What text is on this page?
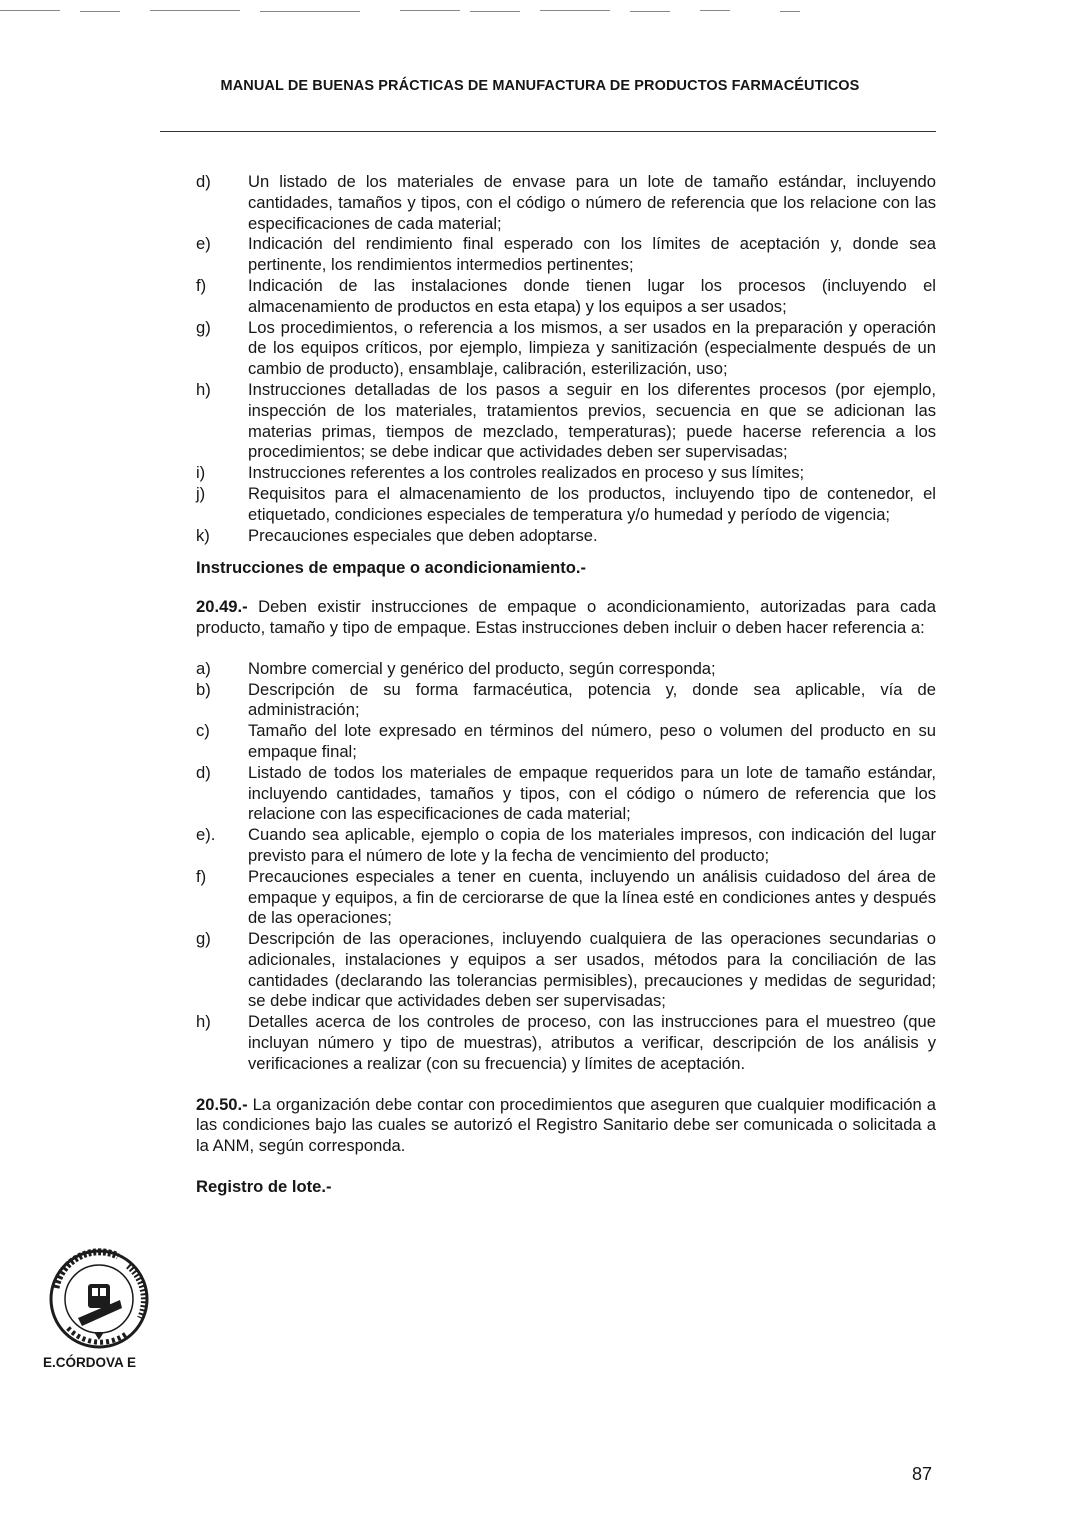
MANUAL DE BUENAS PRÁCTICAS DE MANUFACTURA DE PRODUCTOS FARMACÉUTICOS
d)	Un listado de los materiales de envase para un lote de tamaño estándar, incluyendo cantidades, tamaños y tipos, con el código o número de referencia que los relacione con las especificaciones de cada material;
e)	Indicación del rendimiento final esperado con los límites de aceptación y, donde sea pertinente, los rendimientos intermedios pertinentes;
f)	Indicación de las instalaciones donde tienen lugar los procesos (incluyendo el almacenamiento de productos en esta etapa) y los equipos a ser usados;
g)	Los procedimientos, o referencia a los mismos, a ser usados en la preparación y operación de los equipos críticos, por ejemplo, limpieza y sanitización (especialmente después de un cambio de producto), ensamblaje, calibración, esterilización, uso;
h)	Instrucciones detalladas de los pasos a seguir en los diferentes procesos (por ejemplo, inspección de los materiales, tratamientos previos, secuencia en que se adicionan las materias primas, tiempos de mezclado, temperaturas); puede hacerse referencia a los procedimientos; se debe indicar que actividades deben ser supervisadas;
i)	Instrucciones referentes a los controles realizados en proceso y sus límites;
j)	Requisitos para el almacenamiento de los productos, incluyendo tipo de contenedor, el etiquetado, condiciones especiales de temperatura y/o humedad y período de vigencia;
k)	Precauciones especiales que deben adoptarse.
Instrucciones de empaque o acondicionamiento.-

20.49.- Deben existir instrucciones de empaque o acondicionamiento, autorizadas para cada producto, tamaño y tipo de empaque. Estas instrucciones deben incluir o deben hacer referencia a:

a)	Nombre comercial y genérico del producto, según corresponda;
b)	Descripción de su forma farmacéutica, potencia y, donde sea aplicable, vía de administración;
c)	Tamaño del lote expresado en términos del número, peso o volumen del producto en su empaque final;
d)	Listado de todos los materiales de empaque requeridos para un lote de tamaño estándar, incluyendo cantidades, tamaños y tipos, con el código o número de referencia que los relacione con las especificaciones de cada material;
e).	Cuando sea aplicable, ejemplo o copia de los materiales impresos, con indicación del lugar previsto para el número de lote y la fecha de vencimiento del producto;
f)	Precauciones especiales a tener en cuenta, incluyendo un análisis cuidadoso del área de empaque y equipos, a fin de cerciorarse de que la línea esté en condiciones antes y después de las operaciones;
g)	Descripción de las operaciones, incluyendo cualquiera de las operaciones secundarias o adicionales, instalaciones y equipos a ser usados, métodos para la conciliación de las cantidades (declarando las tolerancias permisibles), precauciones y medidas de seguridad; se debe indicar que actividades deben ser supervisadas;
h)	Detalles acerca de los controles de proceso, con las instrucciones para el muestreo (que incluyan número y tipo de muestras), atributos a verificar, descripción de los análisis y verificaciones a realizar (con su frecuencia) y límites de aceptación.

20.50.- La organización debe contar con procedimientos que aseguren que cualquier modificación a las condiciones bajo las cuales se autorizó el Registro Sanitario debe ser comunicada o solicitada a la ANM, según corresponda.

Registro de lote.-
E.CÓRDOVA E
87
